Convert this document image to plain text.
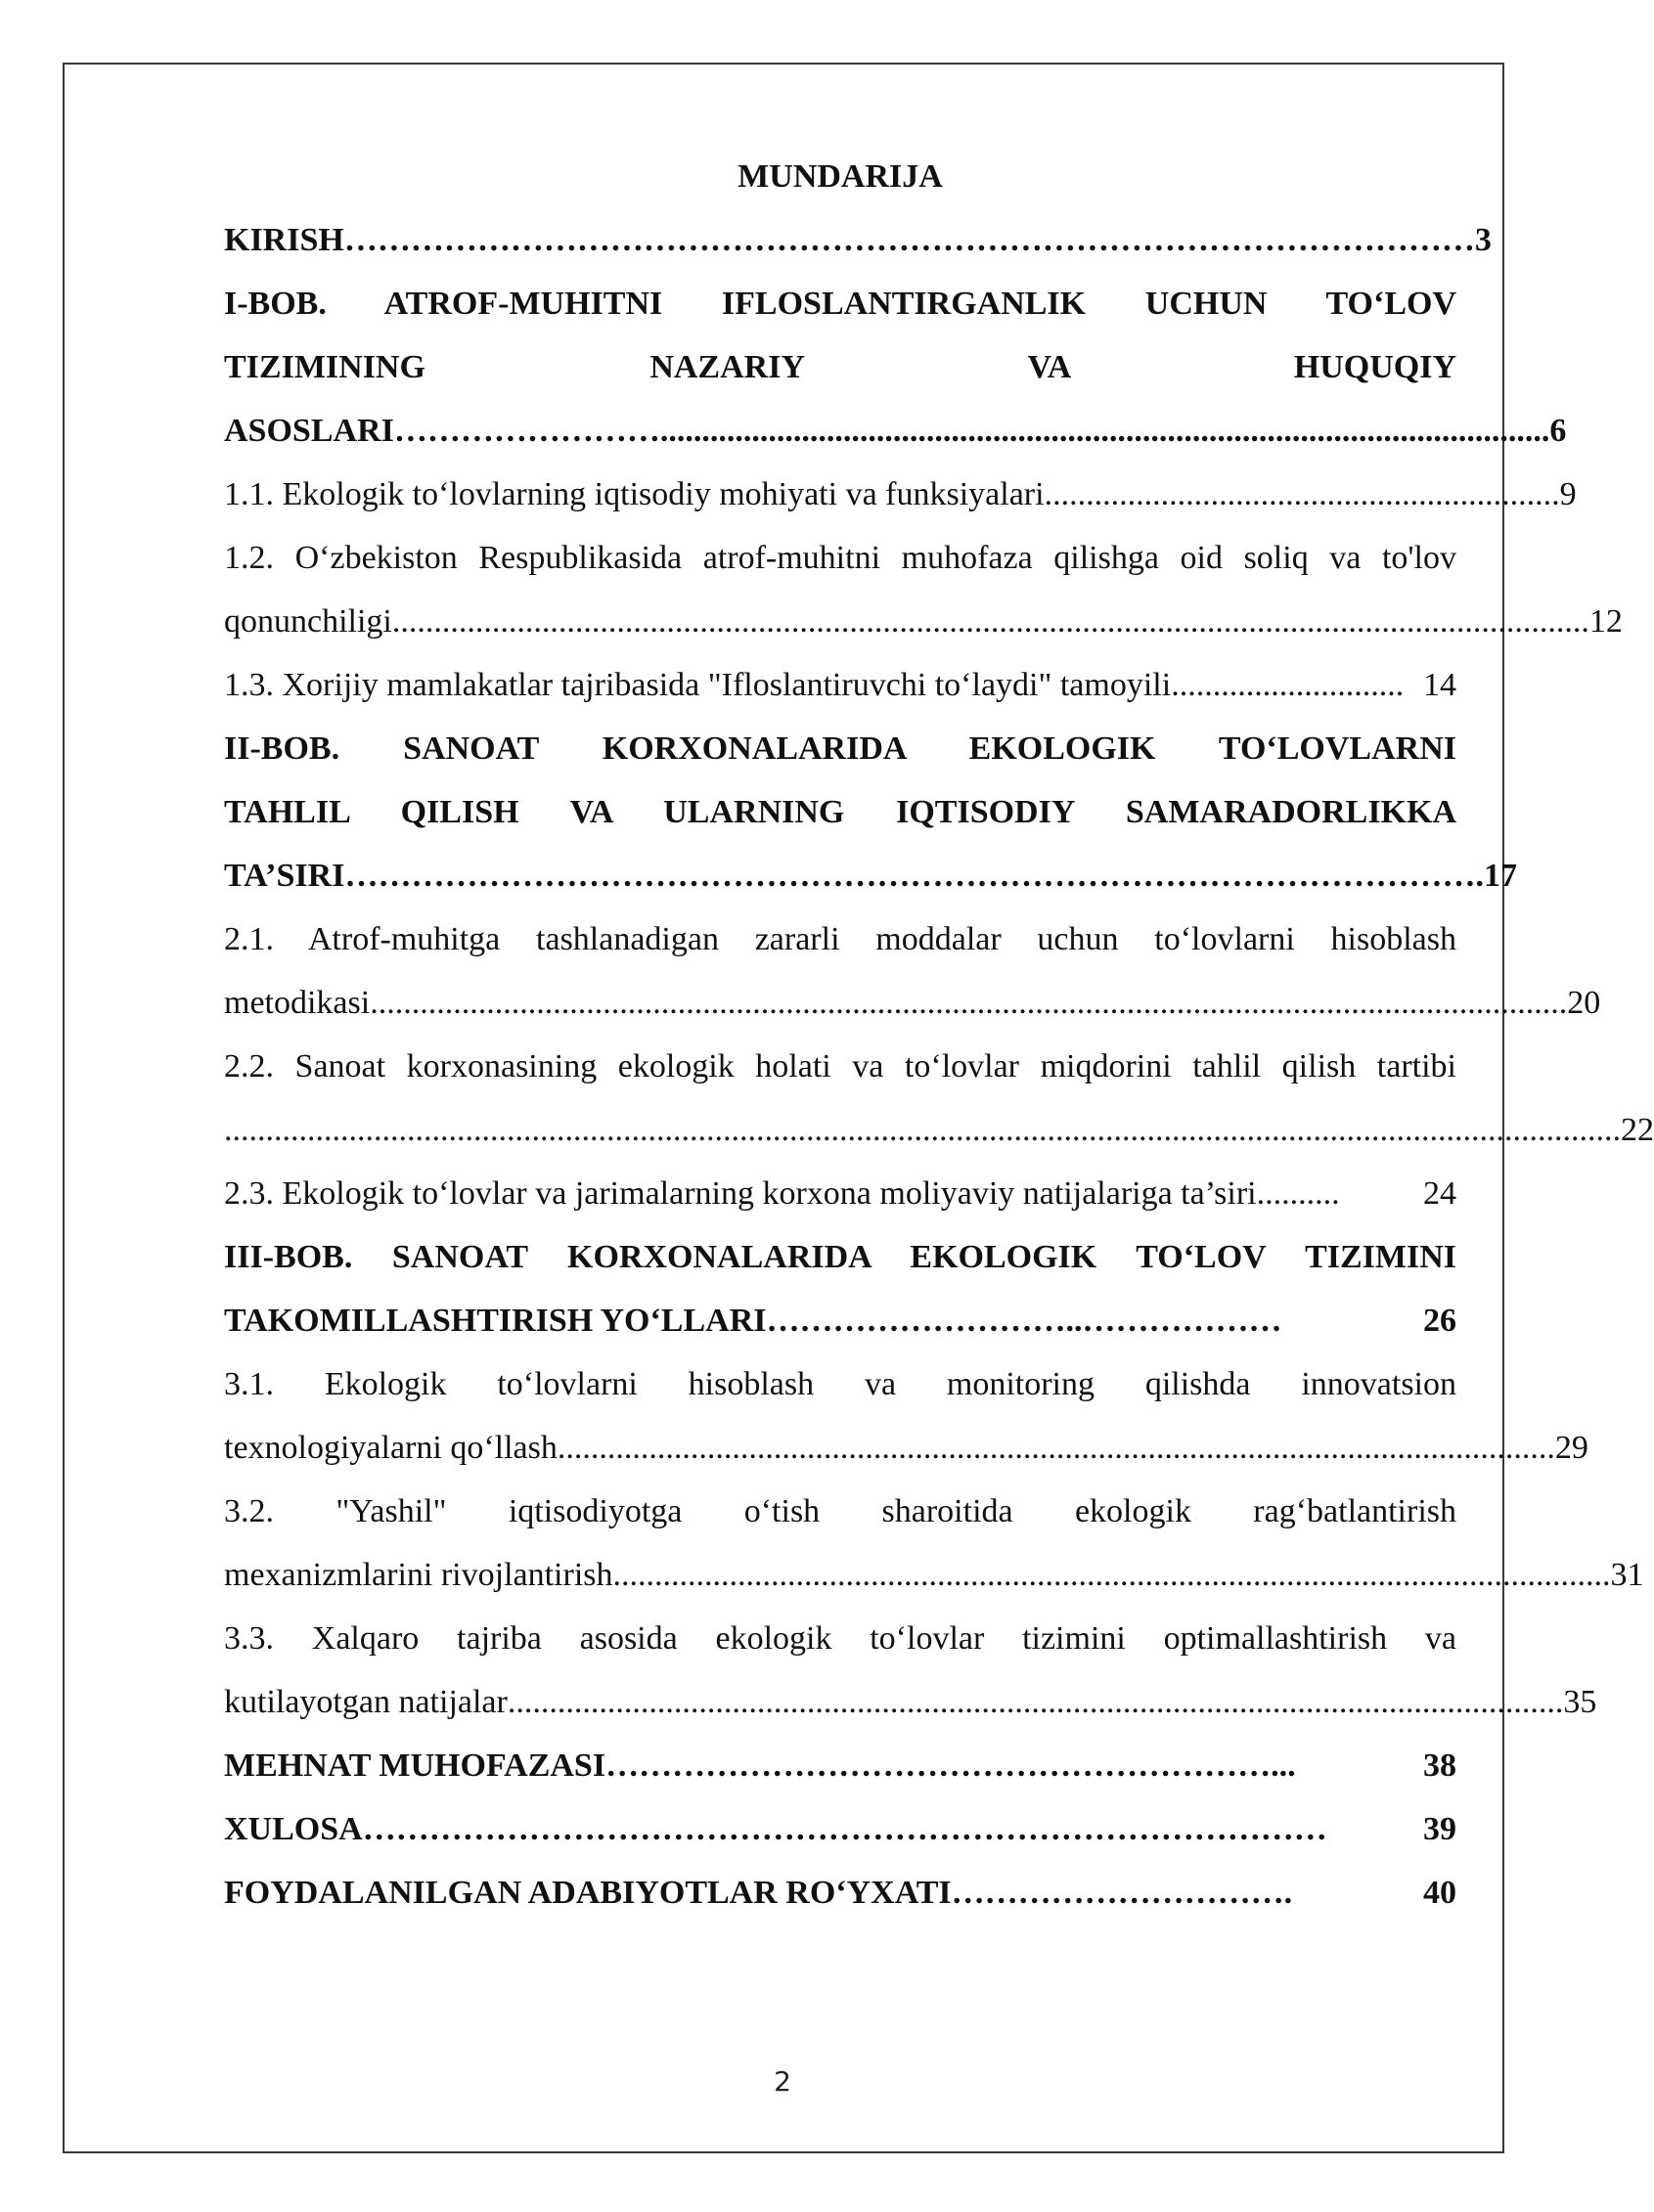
MUNDARIJA
KIRISH ………………………………………………………………………………………… 3
I-BOB. ATROF-MUHITNI IFLOSLANTIRGANLIK UCHUN TO‘LOV
TIZIMINING NAZARIY VA HUQUQIY
ASOSLARI ……………………........................................................................................................... 6
1.1. Ekologik to‘lovlarning iqtisodiy mohiyati va funksiyalari .............................................................. 9
1.2. O‘zbekiston Respublikasida atrof-muhitni muhofaza qilishga oid soliq va to'lov
qonunchiligi ................................................................................................................................................ 12
1.3. Xorijiy mamlakatlar tajribasida "Ifloslantiruvchi to‘laydi" tamoyili ............................ 14
II-BOB. SANOAT KORXONALARIDA EKOLOGIK TO‘LOVLARNI
TAHLIL QILISH VA ULARNING IQTISODIY SAMARADORLIKKA
TA’SIRI …………………………………………………………………………………………. 17
2.1. Atrof-muhitga tashlanadigan zararli moddalar uchun to‘lovlarni hisoblash
metodikasi ................................................................................................................................................ 20
2.2. Sanoat korxonasining ekologik holati va to‘lovlar miqdorini tahlil qilish tartibi
........................................................................................................................................................................ 22
2.3. Ekologik to‘lovlar va jarimalarning korxona moliyaviy natijalariga ta’siri ..........	24
III-BOB. SANOAT KORXONALARIDA EKOLOGIK TO‘LOV TIZIMINI
TAKOMILLASHTIRISH YO‘LLARI ………………………..………………	26
3.1. Ekologik to‘lovlarni hisoblash va monitoring qilishda innovatsion
texnologiyalarni qo‘llash ........................................................................................................................ 29
3.2. "Yashil" iqtisodiyotga o‘tish sharoitida ekologik rag‘batlantirish
mexanizmlarini rivojlantirish ........................................................................................................................ 31
3.3. Xalqaro tajriba asosida ekologik to‘lovlar tizimini optimallashtirish va
kutilayotgan natijalar ............................................................................................................................... 35
MEHNAT MUHOFAZASI ……………………………………………………...	38
XULOSA ……………………………………………………………………………	39
FOYDALANILGAN ADABIYOTLAR RO‘YXATI ………………………….	40
2
